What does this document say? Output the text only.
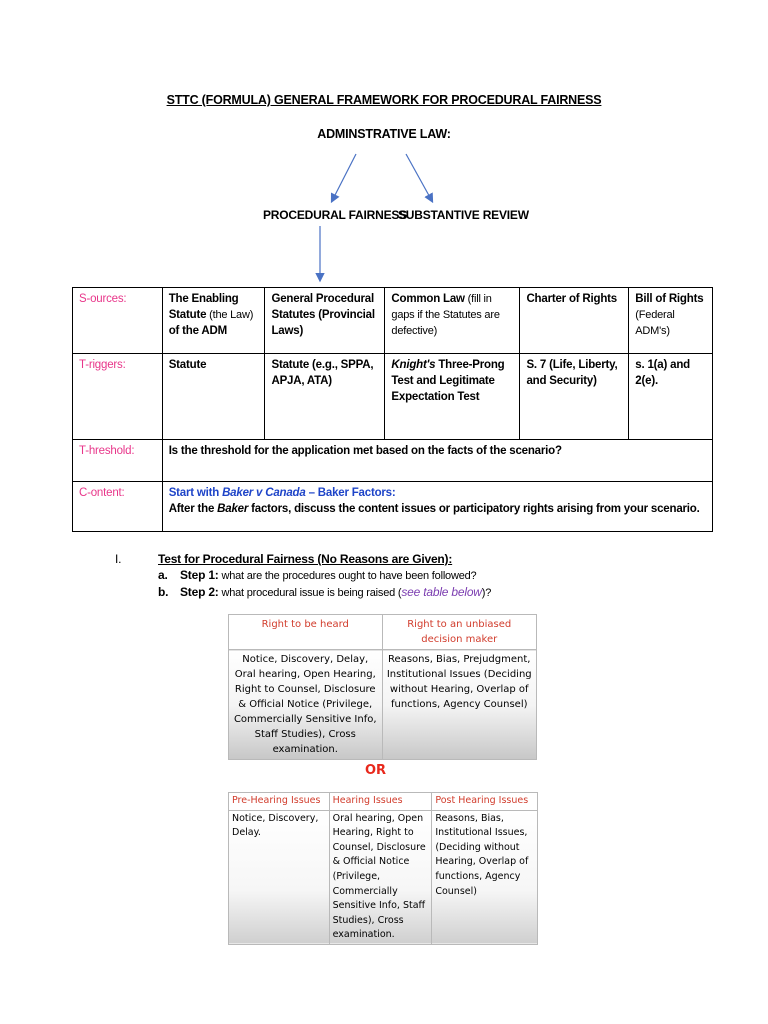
STTC (FORMULA) GENERAL FRAMEWORK FOR PROCEDURAL FAIRNESS
ADMINSTRATIVE LAW:
PROCEDURAL FAIRNESS
SUBSTANTIVE REVIEW
S-ources:	The Enabling Statute (the Law) of the ADM	General Procedural Statutes (Provincial Laws)	Common Law (fill in gaps if the Statutes are defective)	Charter of Rights	Bill of Rights (Federal ADM's)
T-riggers:	Statute	Statute (e.g., SPPA, APJA, ATA)	Knight's Three-Prong Test and Legitimate Expectation Test	S. 7 (Life, Liberty, and Security)	s. 1(a) and 2(e).
T-hreshold:	Is the threshold for the application met based on the facts of the scenario?				
C-ontent:	Start with Baker v Canada – Baker Factors:
After the Baker factors, discuss the content issues or participatory rights arising from your scenario.				
I.	Test for Procedural Fairness (No Reasons are Given):
a. Step 1: what are the procedures ought to have been followed?
b. Step 2: what procedural issue is being raised (see table below)?
Right to be heard	Right to an unbiased decision maker
Notice, Discovery, Delay, Oral hearing, Open Hearing, Right to Counsel, Disclosure & Official Notice (Privilege, Commercially Sensitive Info, Staff Studies), Cross examination.	Reasons, Bias, Prejudgment, Institutional Issues (Deciding without Hearing, Overlap of functions, Agency Counsel)
OR
Pre-Hearing Issues	Hearing Issues	Post Hearing Issues
Notice, Discovery, Delay.	Oral hearing, Open Hearing, Right to Counsel, Disclosure & Official Notice (Privilege, Commercially Sensitive Info, Staff Studies), Cross examination.	Reasons, Bias, Institutional Issues, (Deciding without Hearing, Overlap of functions, Agency Counsel)
